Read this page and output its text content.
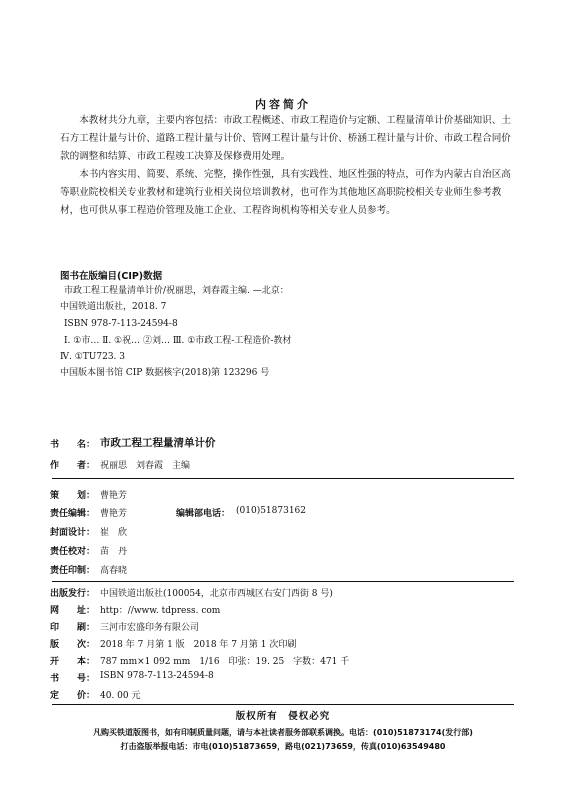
内容简介

本教材共分九章，主要内容包括：市政工程概述、市政工程造价与定额、工程量清单计价基础知识、土石方工程计量与计价、道路工程计量与计价、管网工程计量与计价、桥涵工程计量与计价、市政工程合同价款的调整和结算、市政工程竣工决算及保修费用处理。

本书内容实用、简要、系统、完整，操作性强，具有实践性、地区性强的特点，可作为内蒙古自治区高等职业院校相关专业教材和建筑行业相关岗位培训教材，也可作为其他地区高职院校相关专业师生参考教材，也可供从事工程造价管理及施工企业、工程咨询机构等相关专业人员参考。

图书在版编目(CIP)数据
市政工程工程量清单计价/祝丽思，刘春霞主编. —北京：
中国铁道出版社，2018. 7
ISBN 978-7-113-24594-8
Ⅰ. ①市… Ⅱ. ①祝… ②刘… Ⅲ. ①市政工程-工程造价-教材
Ⅳ. ①TU723. 3
中国版本图书馆 CIP 数据核字(2018)第 123296 号
书　　名： 市政工程工程量清单计价
作　　者： 祝丽思　刘春霞　主编
策　　划： 曹艳芳
责任编辑： 曹艳芳	编辑部电话： (010)51873162
封面设计： 崔　欣
责任校对： 苗　丹
责任印制： 高春晓
出版发行： 中国铁道出版社(100054，北京市西城区右安门西街 8 号)
网　　址： http：//www. tdpress. com
印　　刷： 三河市宏盛印务有限公司
版　　次： 2018 年 7 月第 1 版　2018 年 7 月第 1 次印刷
开　　本： 787 mm×1 092 mm　1/16　印张：19. 25　字数：471 千
书　　号： ISBN 978-7-113-24594-8
定　　价： 40. 00 元
版权所有　侵权必究
凡购买铁道版图书，如有印制质量问题，请与本社读者服务部联系调换。电话：(010)51873174(发行部)
打击盗版举报电话：市电(010)51873659，路电(021)73659，传真(010)63549480
